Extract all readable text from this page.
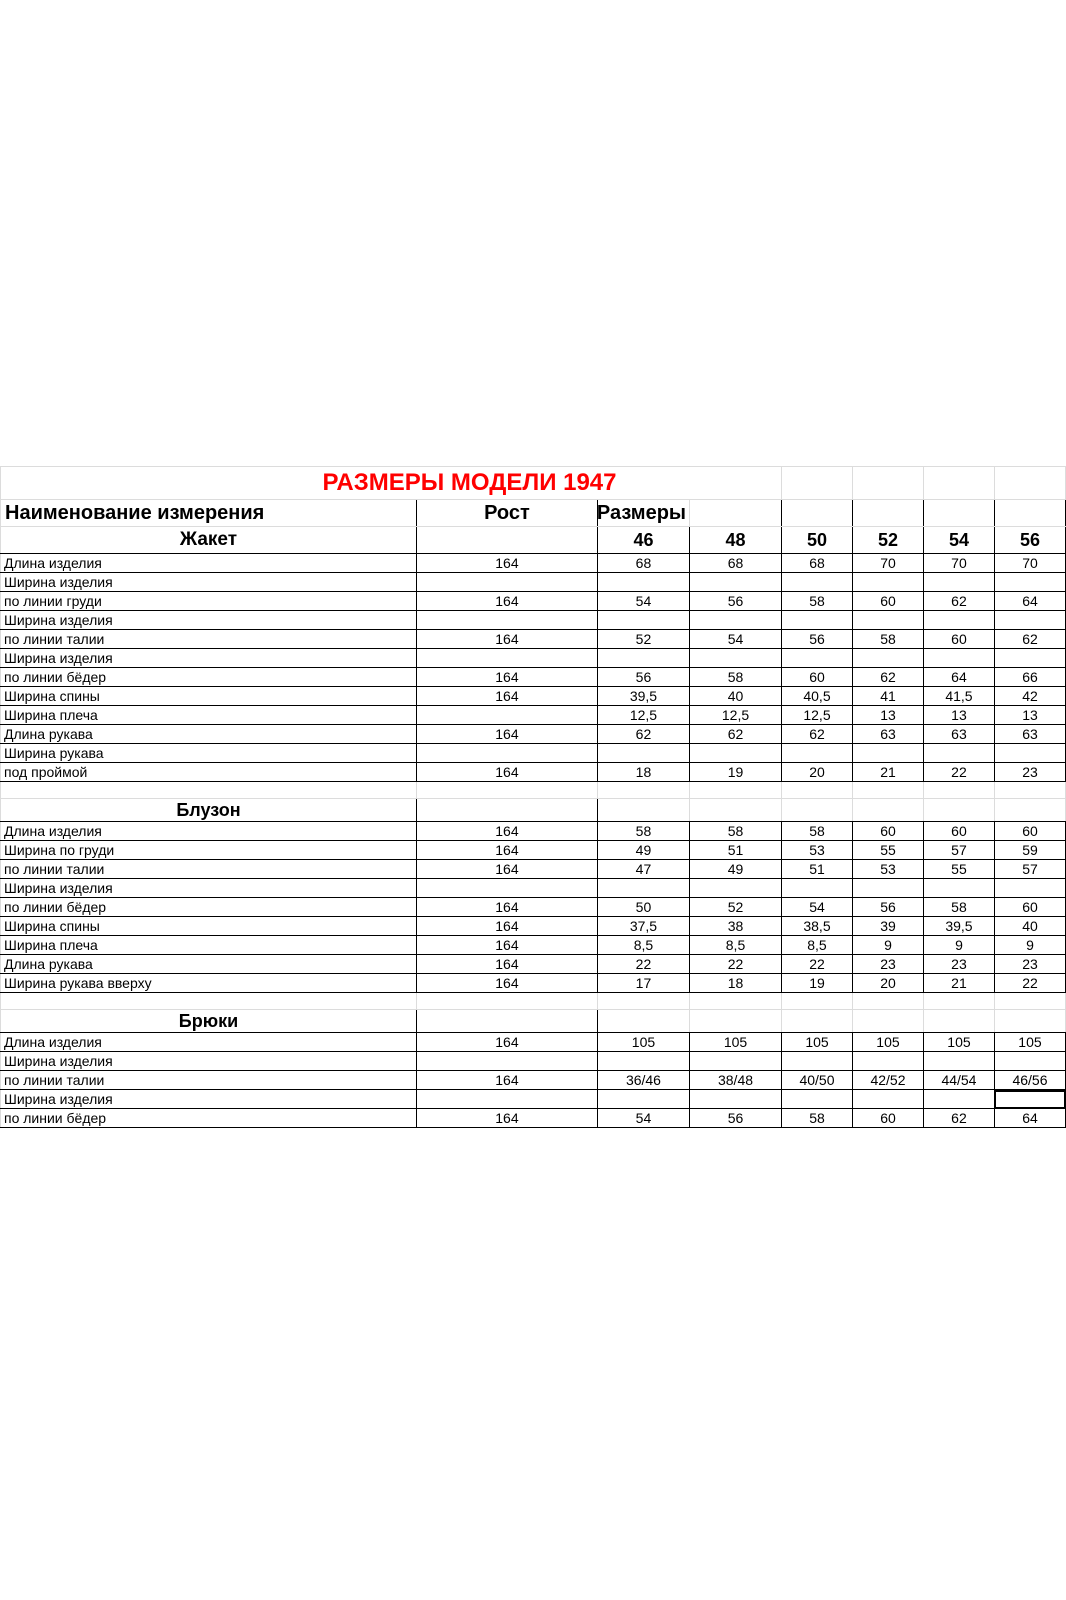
РАЗМЕРЫ МОДЕЛИ 1947							
Наименование измерения	Рост	Размеры					
Жакет		46	48	50	52	54	56
Длина изделия	164	68	68	68	70	70	70
Ширина изделия							
по линии груди	164	54	56	58	60	62	64
Ширина изделия							
по линии талии	164	52	54	56	58	60	62
Ширина изделия							
по линии бёдер	164	56	58	60	62	64	66
Ширина спины	164	39,5	40	40,5	41	41,5	42
Ширина плеча		12,5	12,5	12,5	13	13	13
Длина рукава	164	62	62	62	63	63	63
Ширина рукава							
под проймой	164	18	19	20	21	22	23

Блузон							
Длина изделия	164	58	58	58	60	60	60
Ширина по груди	164	49	51	53	55	57	59
по линии талии	164	47	49	51	53	55	57
Ширина изделия							
по линии бёдер	164	50	52	54	56	58	60
Ширина спины	164	37,5	38	38,5	39	39,5	40
Ширина плеча	164	8,5	8,5	8,5	9	9	9
Длина рукава	164	22	22	22	23	23	23
Ширина рукава вверху	164	17	18	19	20	21	22

Брюки							
Длина изделия	164	105	105	105	105	105	105
Ширина изделия							
по линии талии	164	36/46	38/48	40/50	42/52	44/54	46/56
Ширина изделия							
по линии бёдер	164	54	56	58	60	62	64
